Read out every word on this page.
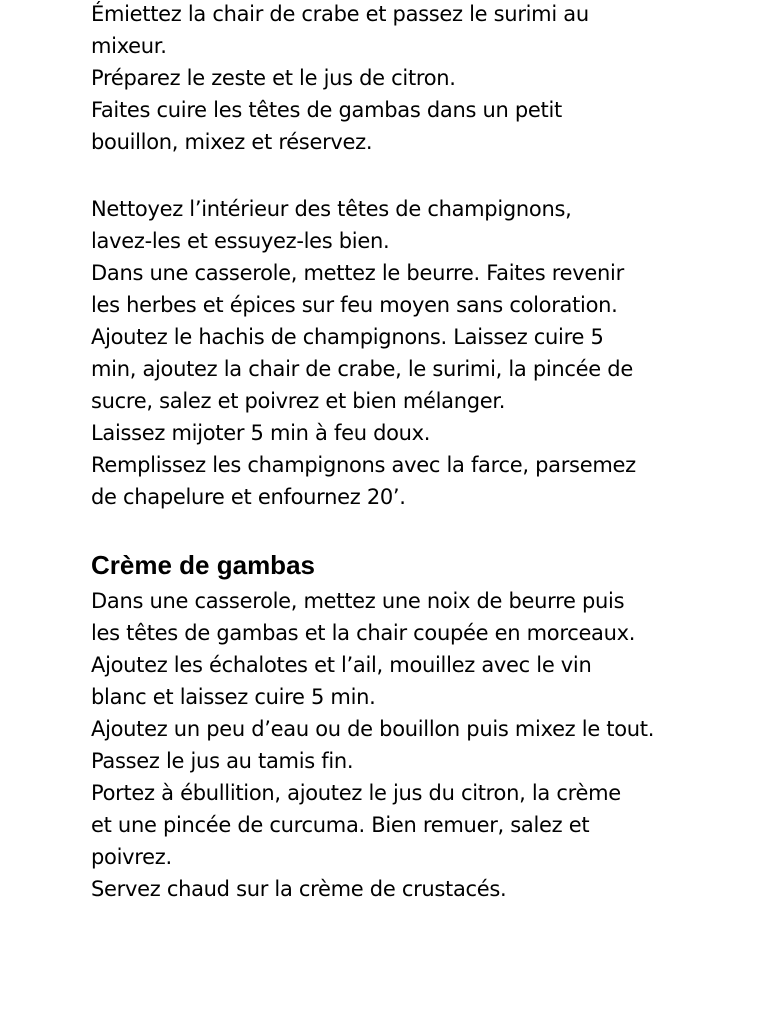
Émiettez la chair de crabe et passez le surimi au
mixeur.
Préparez le zeste et le jus de citron.
Faites cuire les têtes de gambas dans un petit
bouillon, mixez et réservez.
Nettoyez l’intérieur des têtes de champignons,
lavez-les et essuyez-les bien.
Dans une casserole, mettez le beurre. Faites revenir
les herbes et épices sur feu moyen sans coloration.
Ajoutez le hachis de champignons. Laissez cuire 5
min, ajoutez la chair de crabe, le surimi, la pincée de
sucre, salez et poivrez et bien mélanger.
Laissez mijoter 5 min à feu doux.
Remplissez les champignons avec la farce, parsemez
de chapelure et enfournez 20’.
Crème de gambas
Dans une casserole, mettez une noix de beurre puis
les têtes de gambas et la chair coupée en morceaux.
Ajoutez les échalotes et l’ail, mouillez avec le vin
blanc et laissez cuire 5 min.
Ajoutez un peu d’eau ou de bouillon puis mixez le tout.
Passez le jus au tamis fin.
Portez à ébullition, ajoutez le jus du citron, la crème
et une pincée de curcuma. Bien remuer, salez et
poivrez.
Servez chaud sur la crème de crustacés.
